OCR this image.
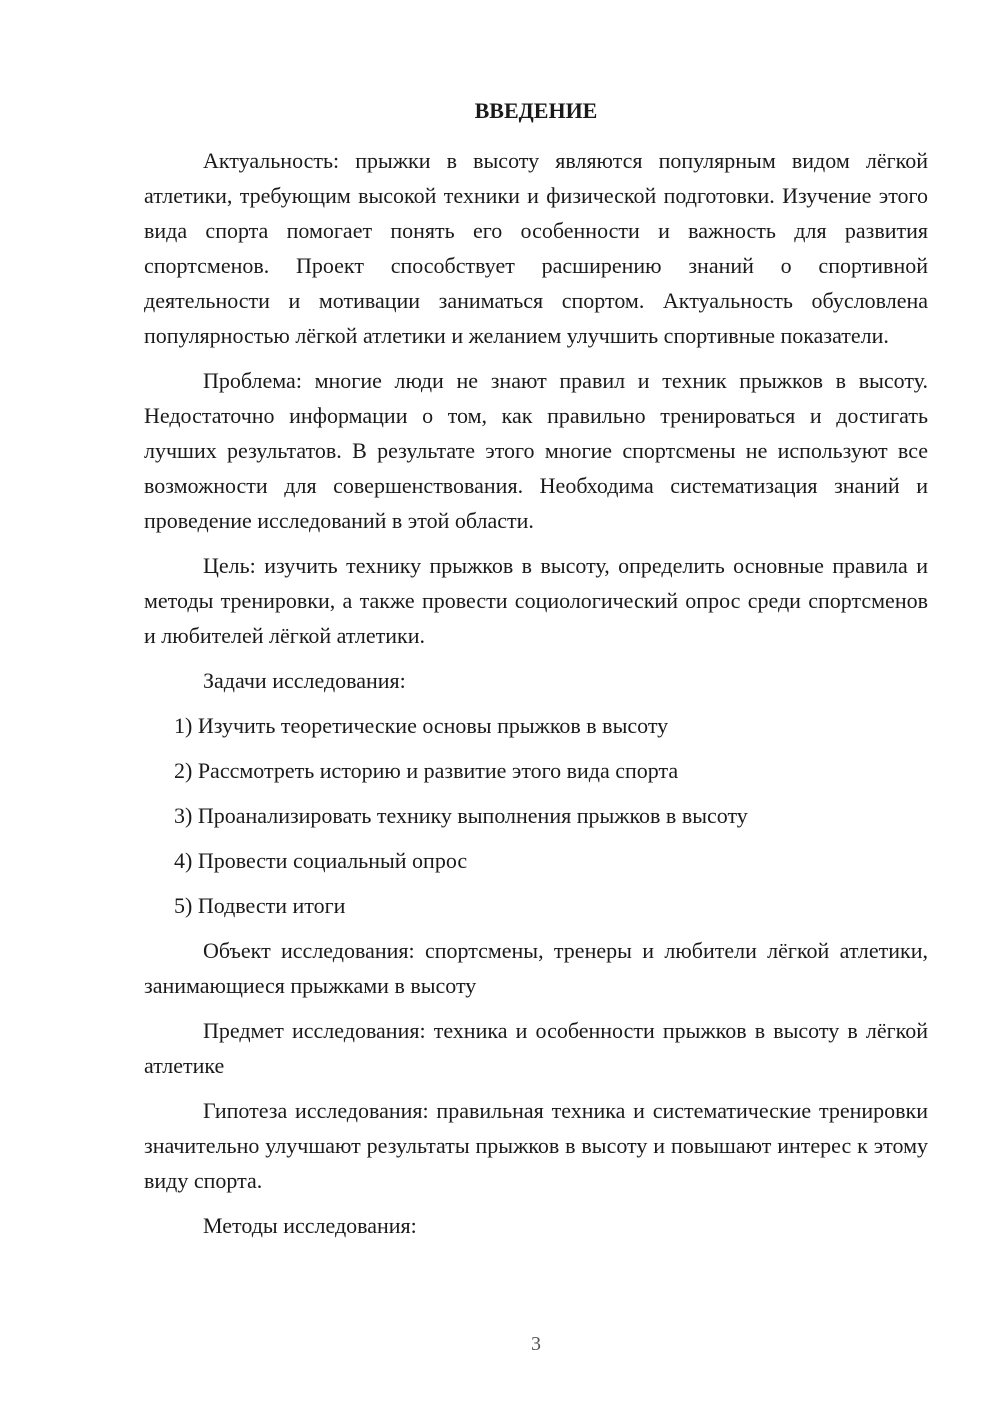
ВВЕДЕНИЕ

Актуальность: прыжки в высоту являются популярным видом лёгкой атлетики, требующим высокой техники и физической подготовки. Изучение этого вида спорта помогает понять его особенности и важность для развития спортсменов. Проект способствует расширению знаний о спортивной деятельности и мотивации заниматься спортом. Актуальность обусловлена популярностью лёгкой атлетики и желанием улучшить спортивные показатели.

Проблема: многие люди не знают правил и техник прыжков в высоту. Недостаточно информации о том, как правильно тренироваться и достигать лучших результатов. В результате этого многие спортсмены не используют все возможности для совершенствования. Необходима систематизация знаний и проведение исследований в этой области.

Цель: изучить технику прыжков в высоту, определить основные правила и методы тренировки, а также провести социологический опрос среди спортсменов и любителей лёгкой атлетики.

Задачи исследования:

1) Изучить теоретические основы прыжков в высоту
2) Рассмотреть историю и развитие этого вида спорта
3) Проанализировать технику выполнения прыжков в высоту
4) Провести социальный опрос
5) Подвести итоги

Объект исследования: спортсмены, тренеры и любители лёгкой атлетики, занимающиеся прыжками в высоту

Предмет исследования: техника и особенности прыжков в высоту в лёгкой атлетике

Гипотеза исследования: правильная техника и систематические тренировки значительно улучшают результаты прыжков в высоту и повышают интерес к этому виду спорта.

Методы исследования:

3
